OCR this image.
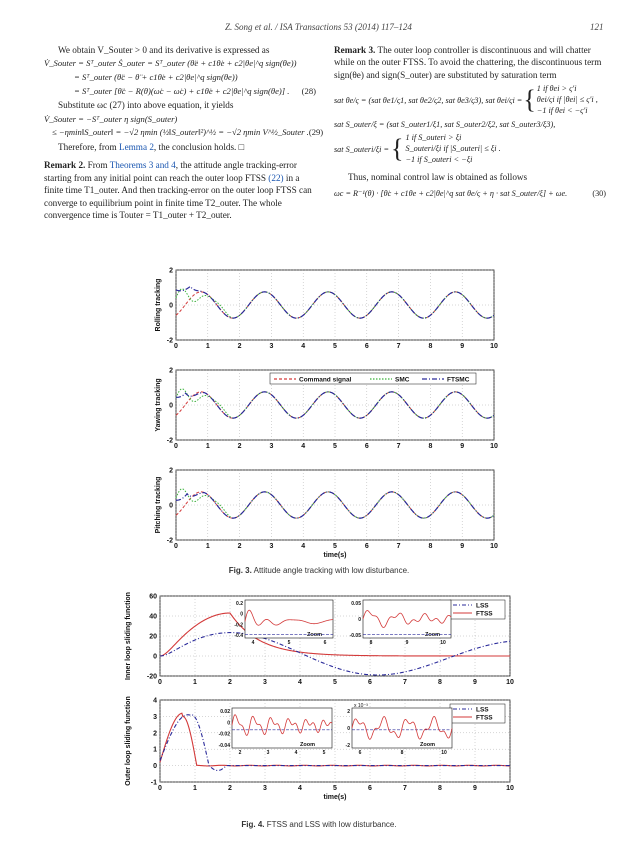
Z. Song et al. / ISA Transactions 53 (2014) 117–124	121

We obtain V_Souter > 0 and its derivative is expressed as

V̇_Souter = Sᵀ_outer Ṡ_outer = Sᵀ_outer (θ̈e + c1θ̇e + c2|θe|^q sign(θe))
= Sᵀ_outer (θ̈c − θ̈ + c1θ̇e + c2|θe|^q sign(θe))
= Sᵀ_outer [θ̈c − R(θ)(ω̇c − ω̇c) + c1θ̇e + c2|θe|^q sign(θe)] . (28)

Substitute ωc (27) into above equation, it yields

V̇_Souter = −Sᵀ_outer η sign(S_outer)
≤ −ηmin‖S_outer‖ = −√2 ηmin (½‖S_outer‖²)^½ = −√2 ηmin V^½_Souter . (29)

Therefore, from Lemma 2, the conclusion holds. □

Remark 2. From Theorems 3 and 4, the attitude angle tracking-error starting from any initial point can reach the outer loop FTSS (22) in a finite time T1_outer. And then tracking-error on the outer loop FTSS can converge to equilibrium point in finite time T2_outer. The whole convergence time is Touter = T1_outer + T2_outer.

Remark 3. The outer loop controller is discontinuous and will chatter while on the outer FTSS. To avoid the chattering, the discontinuous term sign(θe) and sign(S_outer) are substituted by saturation term

sat θe/ς = (sat θe1/ς1, sat θe2/ς2, sat θe3/ς3), sat θei/ςi = { 1 if θei > ς′i
θei/ςi if |θei| ≤ ς′i ,
−1 if θei < −ς′i
sat S_outer/ξ = (sat S_outer1/ξ1, sat S_outer2/ξ2, sat S_outer3/ξ3),
sat S_outeri/ξi = { 1 if S_outeri > ξi
S_outeri/ξi if |S_outeri| ≤ ξi .
−1 if S_outeri < −ξi

Thus, nominal control law is obtained as follows

ωc = R⁻¹(θ) · [θ̇c + c1θe + c2|θe|^q sat θe/ς + η · sat S_outer/ξ] + ωe.	(30)
0	1	2	3	4	5	6	7	8	9	10
2
0
-2
Rolling tracking
0	1	2	3	4	5	6	7	8	9	10
2
0
-2
Yawing tracking
0	1	2	3	4	5	6	7	8	9	10
2
0
-2
Pitching tracking
time(s)
Command signal	SMC	FTSMC
Fig. 3. Attitude angle tracking with low disturbance.
0	1	2	3	4	5	6	7	8	9	10
60
40
20
0
-20
Inner loop sliding function	LSS
FTSS
0.2
0
-0.2
-0.4
4	5	6
Zoom
0.05
0
-0.05
8	9	10
Zoom
0	1	2	3	4	5	6	7	8	9	10
4
3
2
1
0
-1
Outer loop sliding function
time(s)
LSS
FTSS
0.02
0
-0.02
-0.04
2	3	4	5
Zoom
2
0
-2
6	8	10
Zoom
x 10⁻³
Fig. 4. FTSS and LSS with low disturbance.
